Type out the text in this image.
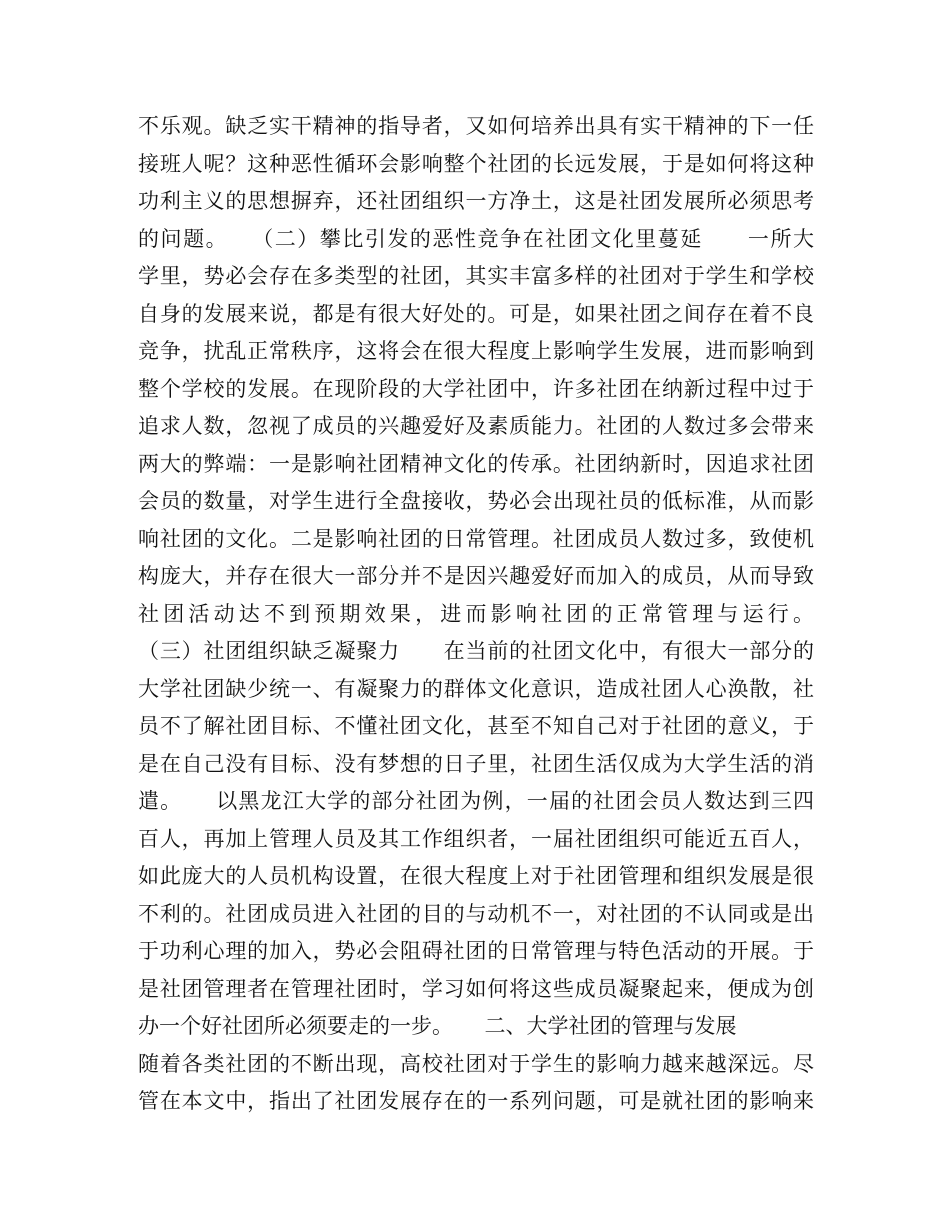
不乐观。缺乏实干精神的指导者，又如何培养出具有实干精神的下一任
接班人呢？这种恶性循环会影响整个社团的长远发展，于是如何将这种
功利主义的思想摒弃，还社团组织一方净土，这是社团发展所必须思考
的问题。　　（二）攀比引发的恶性竞争在社团文化里蔓延　　一所大
学里，势必会存在多类型的社团，其实丰富多样的社团对于学生和学校
自身的发展来说，都是有很大好处的。可是，如果社团之间存在着不良
竞争，扰乱正常秩序，这将会在很大程度上影响学生发展，进而影响到
整个学校的发展。在现阶段的大学社团中，许多社团在纳新过程中过于
追求人数，忽视了成员的兴趣爱好及素质能力。社团的人数过多会带来
两大的弊端：一是影响社团精神文化的传承。社团纳新时，因追求社团
会员的数量，对学生进行全盘接收，势必会出现社员的低标准，从而影
响社团的文化。二是影响社团的日常管理。社团成员人数过多，致使机
构庞大，并存在很大一部分并不是因兴趣爱好而加入的成员，从而导致
社团活动达不到预期效果，进而影响社团的正常管理与运行。
（三）社团组织缺乏凝聚力　　在当前的社团文化中，有很大一部分的
大学社团缺少统一、有凝聚力的群体文化意识，造成社团人心涣散，社
员不了解社团目标、不懂社团文化，甚至不知自己对于社团的意义，于
是在自己没有目标、没有梦想的日子里，社团生活仅成为大学生活的消
遣。　　以黑龙江大学的部分社团为例，一届的社团会员人数达到三四
百人，再加上管理人员及其工作组织者，一届社团组织可能近五百人，
如此庞大的人员机构设置，在很大程度上对于社团管理和组织发展是很
不利的。社团成员进入社团的目的与动机不一，对社团的不认同或是出
于功利心理的加入，势必会阻碍社团的日常管理与特色活动的开展。于
是社团管理者在管理社团时，学习如何将这些成员凝聚起来，便成为创
办一个好社团所必须要走的一步。　　二、大学社团的管理与发展
随着各类社团的不断出现，高校社团对于学生的影响力越来越深远。尽
管在本文中，指出了社团发展存在的一系列问题，可是就社团的影响来
